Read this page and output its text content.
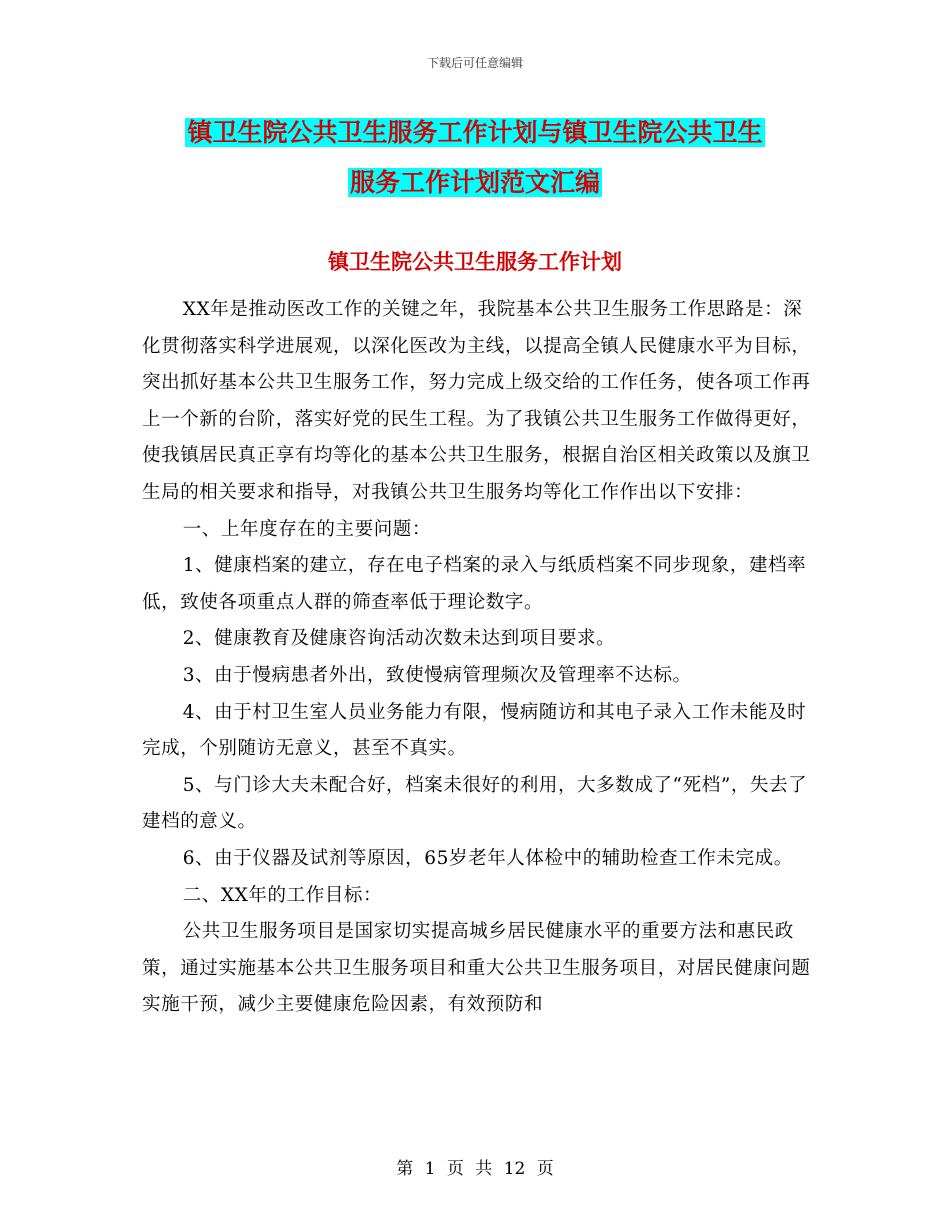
下载后可任意编辑
镇卫生院公共卫生服务工作计划与镇卫生院公共卫生
服务工作计划范文汇编
镇卫生院公共卫生服务工作计划

XX年是推动医改工作的关键之年，我院基本公共卫生服务工作思路是：深化贯彻落实科学进展观，以深化医改为主线，以提高全镇人民健康水平为目标，突出抓好基本公共卫生服务工作，努力完成上级交给的工作任务，使各项工作再上一个新的台阶，落实好党的民生工程。为了我镇公共卫生服务工作做得更好，使我镇居民真正享有均等化的基本公共卫生服务，根据自治区相关政策以及旗卫生局的相关要求和指导，对我镇公共卫生服务均等化工作作出以下安排：

一、上年度存在的主要问题：

1、健康档案的建立，存在电子档案的录入与纸质档案不同步现象，建档率低，致使各项重点人群的筛查率低于理论数字。

2、健康教育及健康咨询活动次数未达到项目要求。

3、由于慢病患者外出，致使慢病管理频次及管理率不达标。

4、由于村卫生室人员业务能力有限，慢病随访和其电子录入工作未能及时完成，个别随访无意义，甚至不真实。

5、与门诊大夫未配合好，档案未很好的利用，大多数成了“死档”，失去了建档的意义。

6、由于仪器及试剂等原因，65岁老年人体检中的辅助检查工作未完成。

二、XX年的工作目标：

公共卫生服务项目是国家切实提高城乡居民健康水平的重要方法和惠民政策，通过实施基本公共卫生服务项目和重大公共卫生服务项目，对居民健康问题实施干预，减少主要健康危险因素，有效预防和

第 1 页 共 12 页
